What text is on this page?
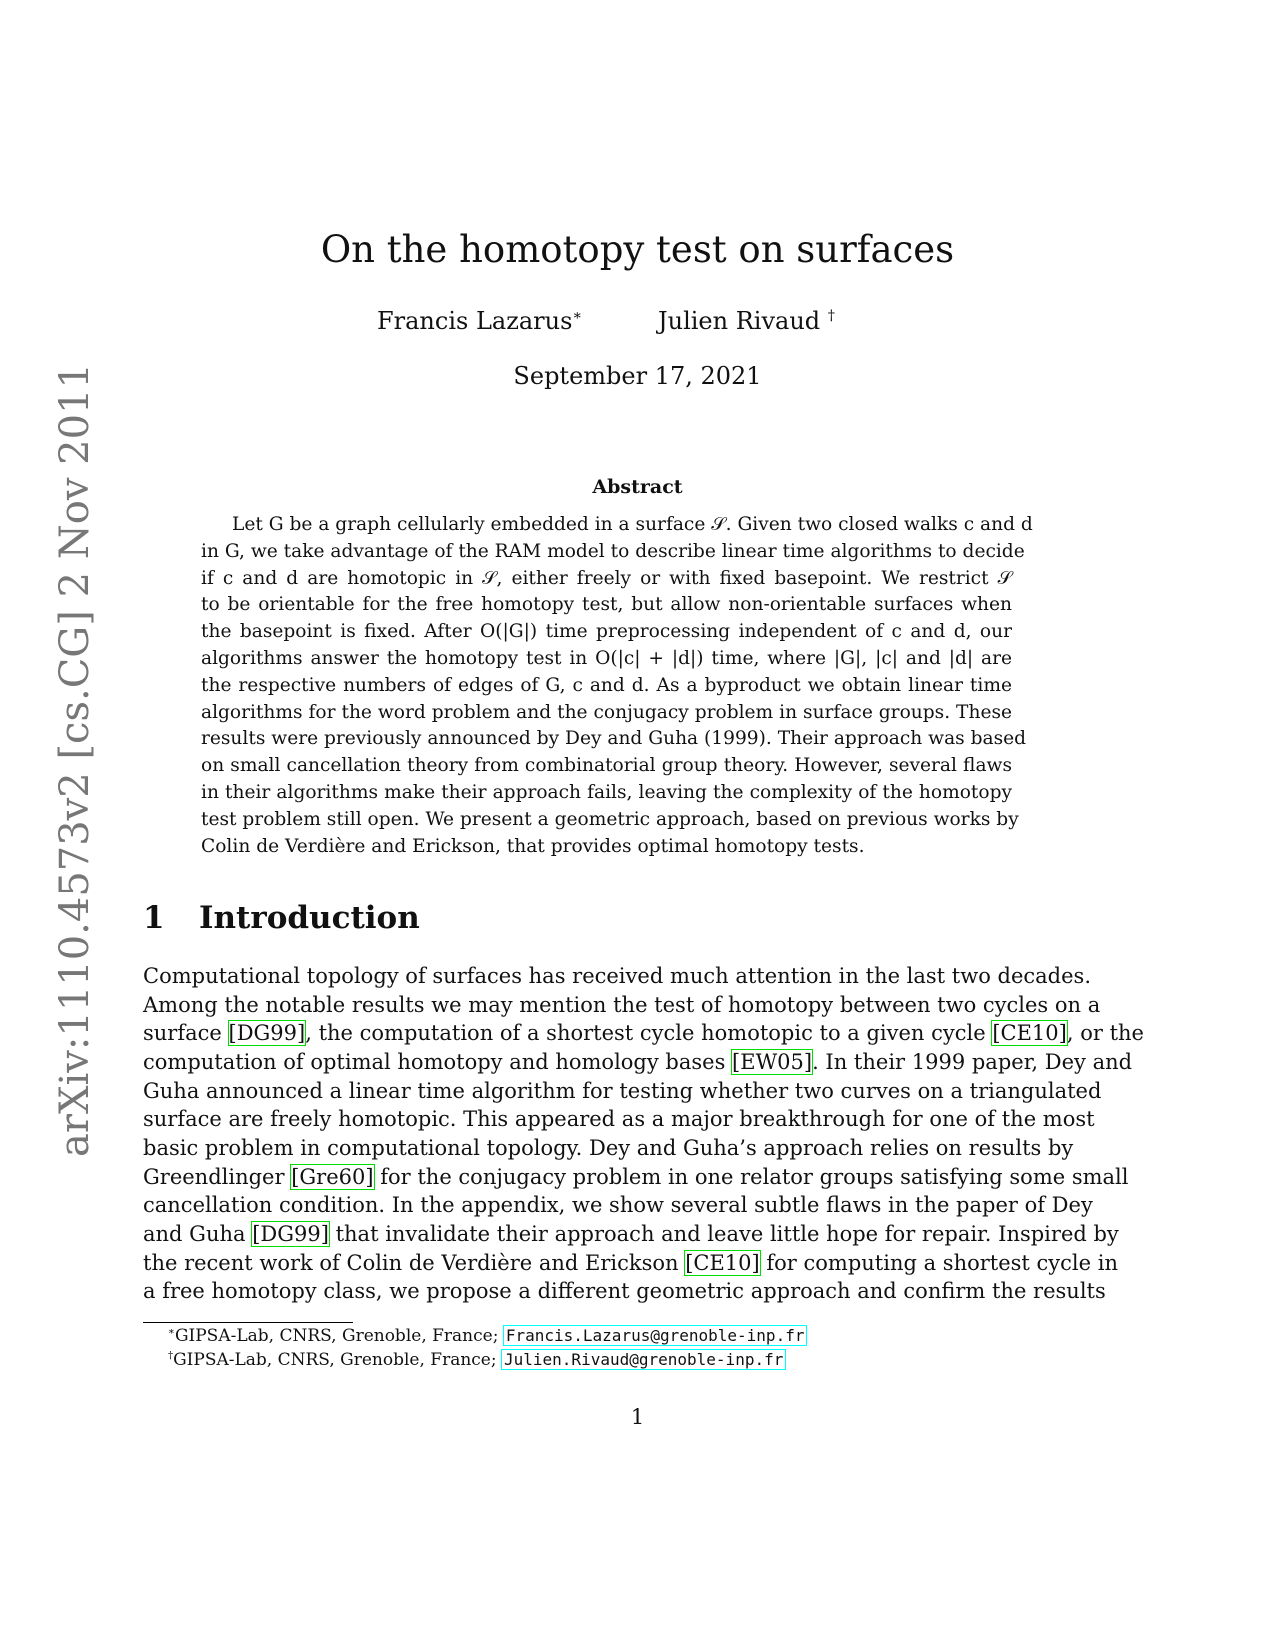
arXiv:1110.4573v2 [cs.CG] 2 Nov 2011
On the homotopy test on surfaces
Francis Lazarus∗	Julien Rivaud †
September 17, 2021
Abstract
Let G be a graph cellularly embedded in a surface 𝒮. Given two closed walks c and d
in G, we take advantage of the RAM model to describe linear time algorithms to decide
if c and d are homotopic in 𝒮, either freely or with fixed basepoint. We restrict 𝒮
to be orientable for the free homotopy test, but allow non-orientable surfaces when
the basepoint is fixed. After O(|G|) time preprocessing independent of c and d, our
algorithms answer the homotopy test in O(|c| + |d|) time, where |G|, |c| and |d| are
the respective numbers of edges of G, c and d. As a byproduct we obtain linear time
algorithms for the word problem and the conjugacy problem in surface groups. These
results were previously announced by Dey and Guha (1999). Their approach was based
on small cancellation theory from combinatorial group theory. However, several flaws
in their algorithms make their approach fails, leaving the complexity of the homotopy
test problem still open. We present a geometric approach, based on previous works by
Colin de Verdière and Erickson, that provides optimal homotopy tests.
1 Introduction
Computational topology of surfaces has received much attention in the last two decades.
Among the notable results we may mention the test of homotopy between two cycles on a
surface [DG99], the computation of a shortest cycle homotopic to a given cycle [CE10], or the
computation of optimal homotopy and homology bases [EW05]. In their 1999 paper, Dey and
Guha announced a linear time algorithm for testing whether two curves on a triangulated
surface are freely homotopic. This appeared as a major breakthrough for one of the most
basic problem in computational topology. Dey and Guha’s approach relies on results by
Greendlinger [Gre60] for the conjugacy problem in one relator groups satisfying some small
cancellation condition. In the appendix, we show several subtle flaws in the paper of Dey
and Guha [DG99] that invalidate their approach and leave little hope for repair. Inspired by
the recent work of Colin de Verdière and Erickson [CE10] for computing a shortest cycle in
a free homotopy class, we propose a different geometric approach and confirm the results
∗GIPSA-Lab, CNRS, Grenoble, France; Francis.Lazarus@grenoble-inp.fr
†GIPSA-Lab, CNRS, Grenoble, France; Julien.Rivaud@grenoble-inp.fr
1
